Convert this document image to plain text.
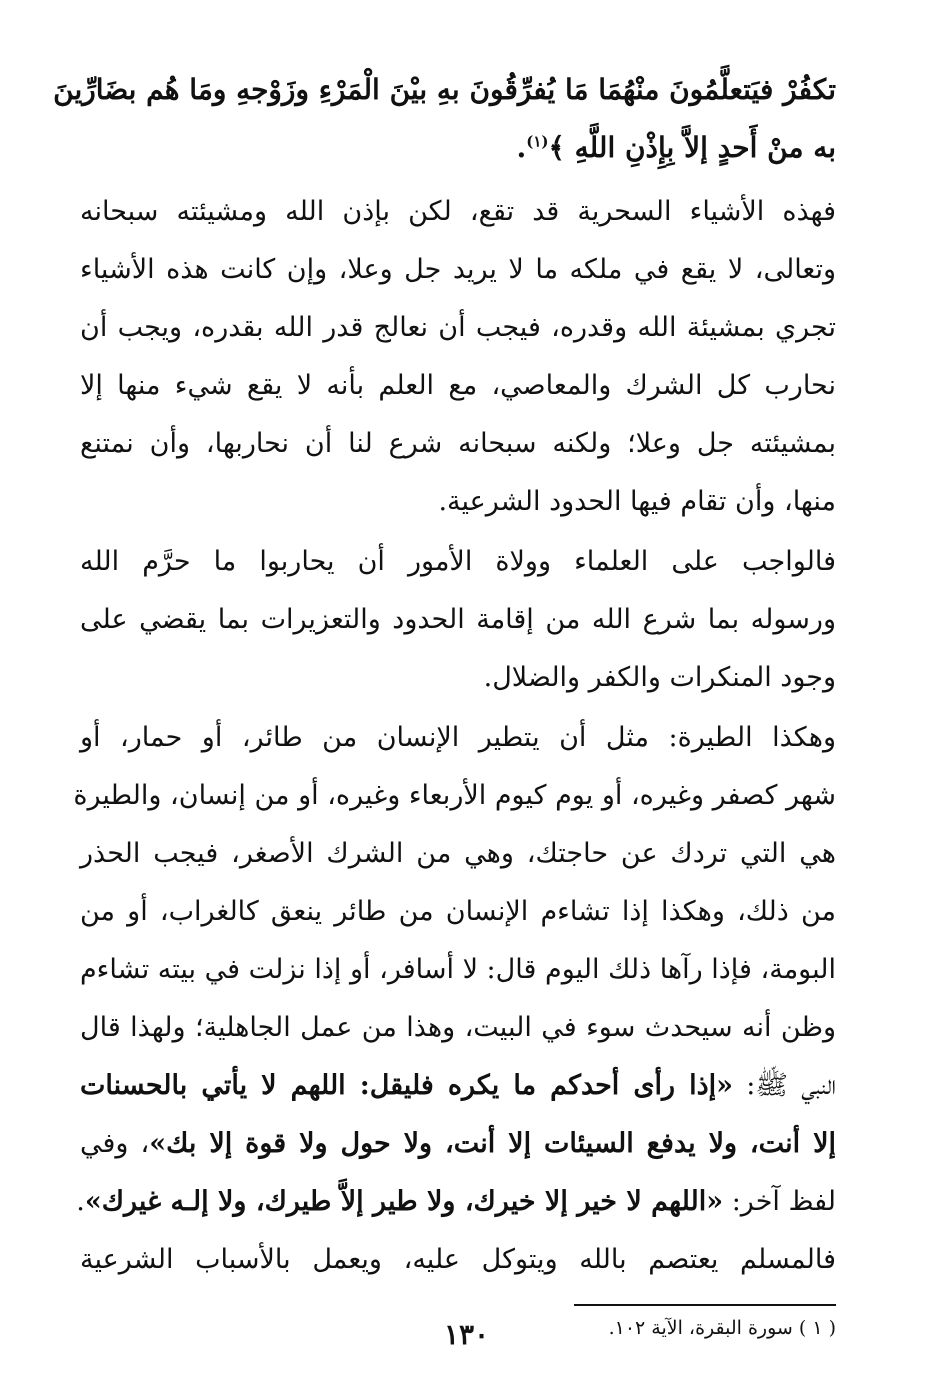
تكفُرْ فيَتعلَّمُونَ منْهُمَا مَا يُفرِّقُونَ بهِ بيْنَ الْمَرْءِ وزَوْجهِ ومَا هُم بضَارِّينَ
به منْ أَحدٍ إلاَّ بِإِذْنِ اللَّهِ ﴾$^{(١)}$.
فهذه الأشياء السحرية قد تقع، لكن بإذن الله ومشيئته سبحانه
وتعالى، لا يقع في ملكه ما لا يريد جل وعلا، وإن كانت هذه الأشياء
تجري بمشيئة الله وقدره، فيجب أن نعالج قدر الله بقدره، ويجب أن
نحارب كل الشرك والمعاصي، مع العلم بأنه لا يقع شيء منها إلا
بمشيئته جل وعلا؛ ولكنه سبحانه شرع لنا أن نحاربها، وأن نمتنع
منها، وأن تقام فيها الحدود الشرعية.
فالواجب على العلماء وولاة الأمور أن يحاربوا ما حرَّم الله
ورسوله بما شرع الله من إقامة الحدود والتعزيرات بما يقضي على
وجود المنكرات والكفر والضلال.
وهكذا الطيرة: مثل أن يتطير الإنسان من طائر، أو حمار، أو
شهر كصفر وغيره، أو يوم كيوم الأربعاء وغيره، أو من إنسان، والطيرة
هي التي تردك عن حاجتك، وهي من الشرك الأصغر، فيجب الحذر
من ذلك، وهكذا إذا تشاءم الإنسان من طائر ينعق كالغراب، أو من
البومة، فإذا رآها ذلك اليوم قال: لا أسافر، أو إذا نزلت في بيته تشاءم
وظن أنه سيحدث سوء في البيت، وهذا من عمل الجاهلية؛ ولهذا قال
النبي ﷺ: «إذا رأى أحدكم ما يكره فليقل: اللهم لا يأتي بالحسنات
إلا أنت، ولا يدفع السيئات إلا أنت، ولا حول ولا قوة إلا بك»، وفي
لفظ آخر: «اللهم لا خير إلا خيرك، ولا طير إلاَّ طيرك، ولا إلـه غيرك».
فالمسلم يعتصم بالله ويتوكل عليه، ويعمل بالأسباب الشرعية
( ١ ) سورة البقرة، الآية ١٠٢.
١٣٠
